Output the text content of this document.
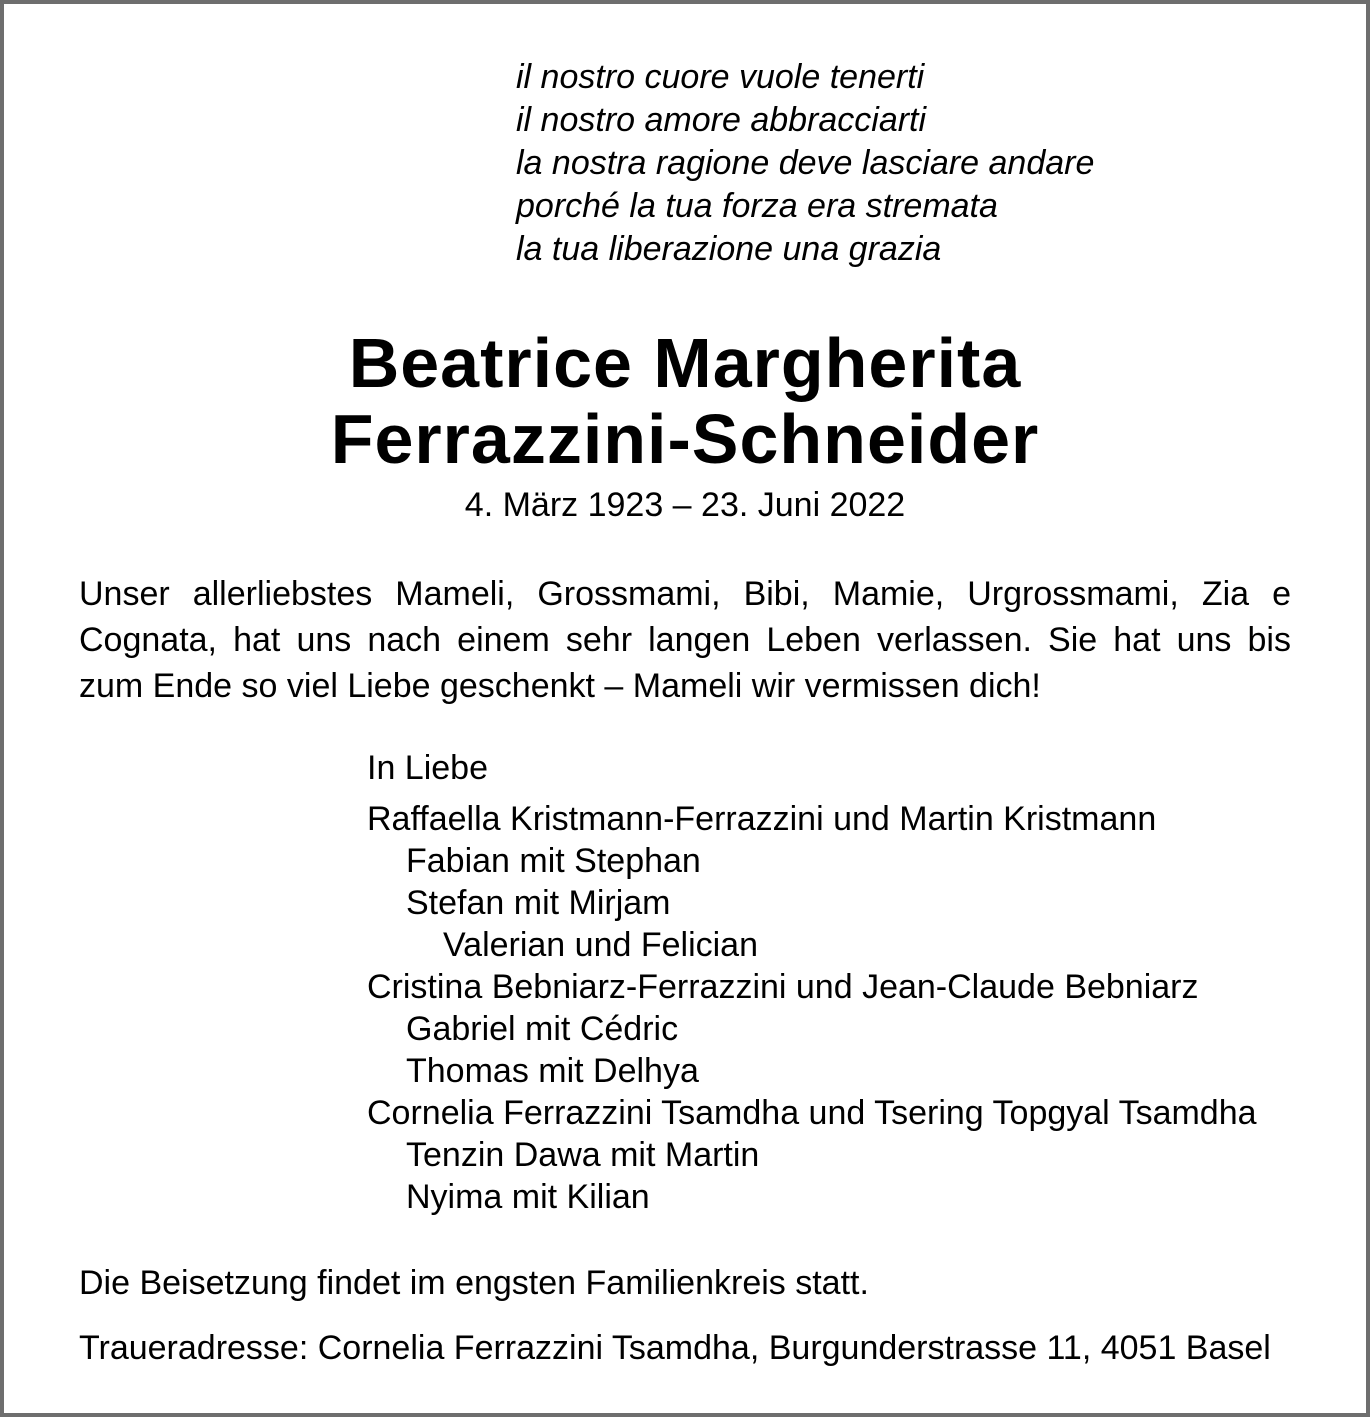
il nostro cuore vuole tenerti
il nostro amore abbracciarti
la nostra ragione deve lasciare andare
porché la tua forza era stremata
la tua liberazione una grazia
Beatrice Margherita
Ferrazzini-Schneider
4. März 1923 – 23. Juni 2022
Unser allerliebstes Mameli, Grossmami, Bibi, Mamie, Urgrossmami, Zia e
Cognata, hat uns nach einem sehr langen Leben verlassen. Sie hat uns bis
zum Ende so viel Liebe geschenkt – Mameli wir vermissen dich!
In Liebe
Raffaella Kristmann-Ferrazzini und Martin Kristmann
Fabian mit Stephan
Stefan mit Mirjam
Valerian und Felician
Cristina Bebniarz-Ferrazzini und Jean-Claude Bebniarz
Gabriel mit Cédric
Thomas mit Delhya
Cornelia Ferrazzini Tsamdha und Tsering Topgyal Tsamdha
Tenzin Dawa mit Martin
Nyima mit Kilian
Die Beisetzung findet im engsten Familienkreis statt.
Traueradresse: Cornelia Ferrazzini Tsamdha, Burgunderstrasse 11, 4051 Basel
